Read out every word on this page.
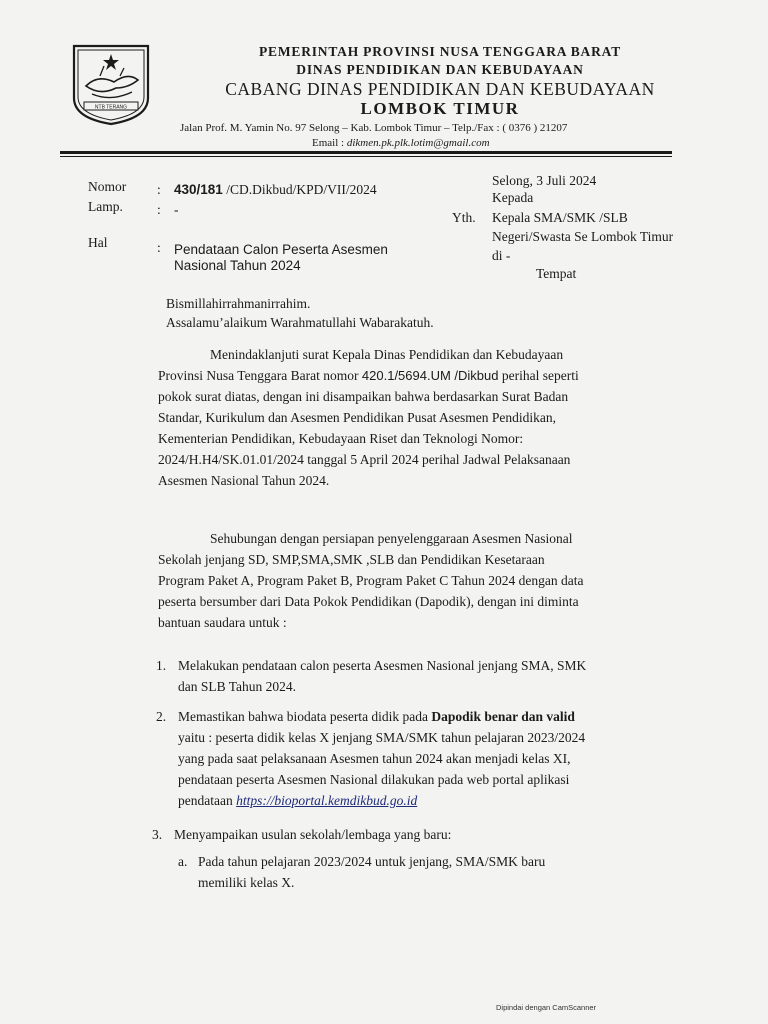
NTB TERANG
PEMERINTAH PROVINSI NUSA TENGGARA BARAT
DINAS PENDIDIKAN DAN KEBUDAYAAN
CABANG DINAS PENDIDIKAN DAN KEBUDAYAAN
LOMBOK TIMUR
Jalan Prof. M. Yamin No. 97 Selong – Kab. Lombok Timur – Telp./Fax : ( 0376 ) 21207
Email : dikmen.pk.plk.lotim@gmail.com
Nomor : 430/181 /CD.Dikbud/KPD/VII/2024
Lamp.	: -
Hal	: Pendataan Calon Peserta Asesmen
Nasional Tahun 2024
Selong, 3 Juli 2024
Kepada
Yth. Kepala SMA/SMK /SLB
Negeri/Swasta Se Lombok Timur
di -
Tempat
Bismillahirrahmanirrahim.
Assalamu’alaikum Warahmatullahi Wabarakatuh.
Menindaklanjuti surat Kepala Dinas Pendidikan dan Kebudayaan
Provinsi Nusa Tenggara Barat nomor 420.1/5694.UM /Dikbud perihal seperti
pokok surat diatas, dengan ini disampaikan bahwa berdasarkan Surat Badan
Standar, Kurikulum dan Asesmen Pendidikan Pusat Asesmen Pendidikan,
Kementerian Pendidikan, Kebudayaan Riset dan Teknologi Nomor:
2024/H.H4/SK.01.01/2024 tanggal 5 April 2024 perihal Jadwal Pelaksanaan
Asesmen Nasional Tahun 2024.
Sehubungan dengan persiapan penyelenggaraan Asesmen Nasional
Sekolah jenjang SD, SMP,SMA,SMK ,SLB dan Pendidikan Kesetaraan
Program Paket A, Program Paket B, Program Paket C Tahun 2024 dengan data
peserta bersumber dari Data Pokok Pendidikan (Dapodik), dengan ini diminta
bantuan saudara untuk :
1. Melakukan pendataan calon peserta Asesmen Nasional jenjang SMA, SMK
dan SLB Tahun 2024.
2. Memastikan bahwa biodata peserta didik pada Dapodik benar dan valid
yaitu : peserta didik kelas X jenjang SMA/SMK tahun pelajaran 2023/2024
yang pada saat pelaksanaan Asesmen tahun 2024 akan menjadi kelas XI,
pendataan peserta Asesmen Nasional dilakukan pada web portal aplikasi
pendataan https://bioportal.kemdikbud.go.id
3. Menyampaikan usulan sekolah/lembaga yang baru:
a. Pada tahun pelajaran 2023/2024 untuk jenjang, SMA/SMK baru
memiliki kelas X.
Dipindai dengan CamScanner
